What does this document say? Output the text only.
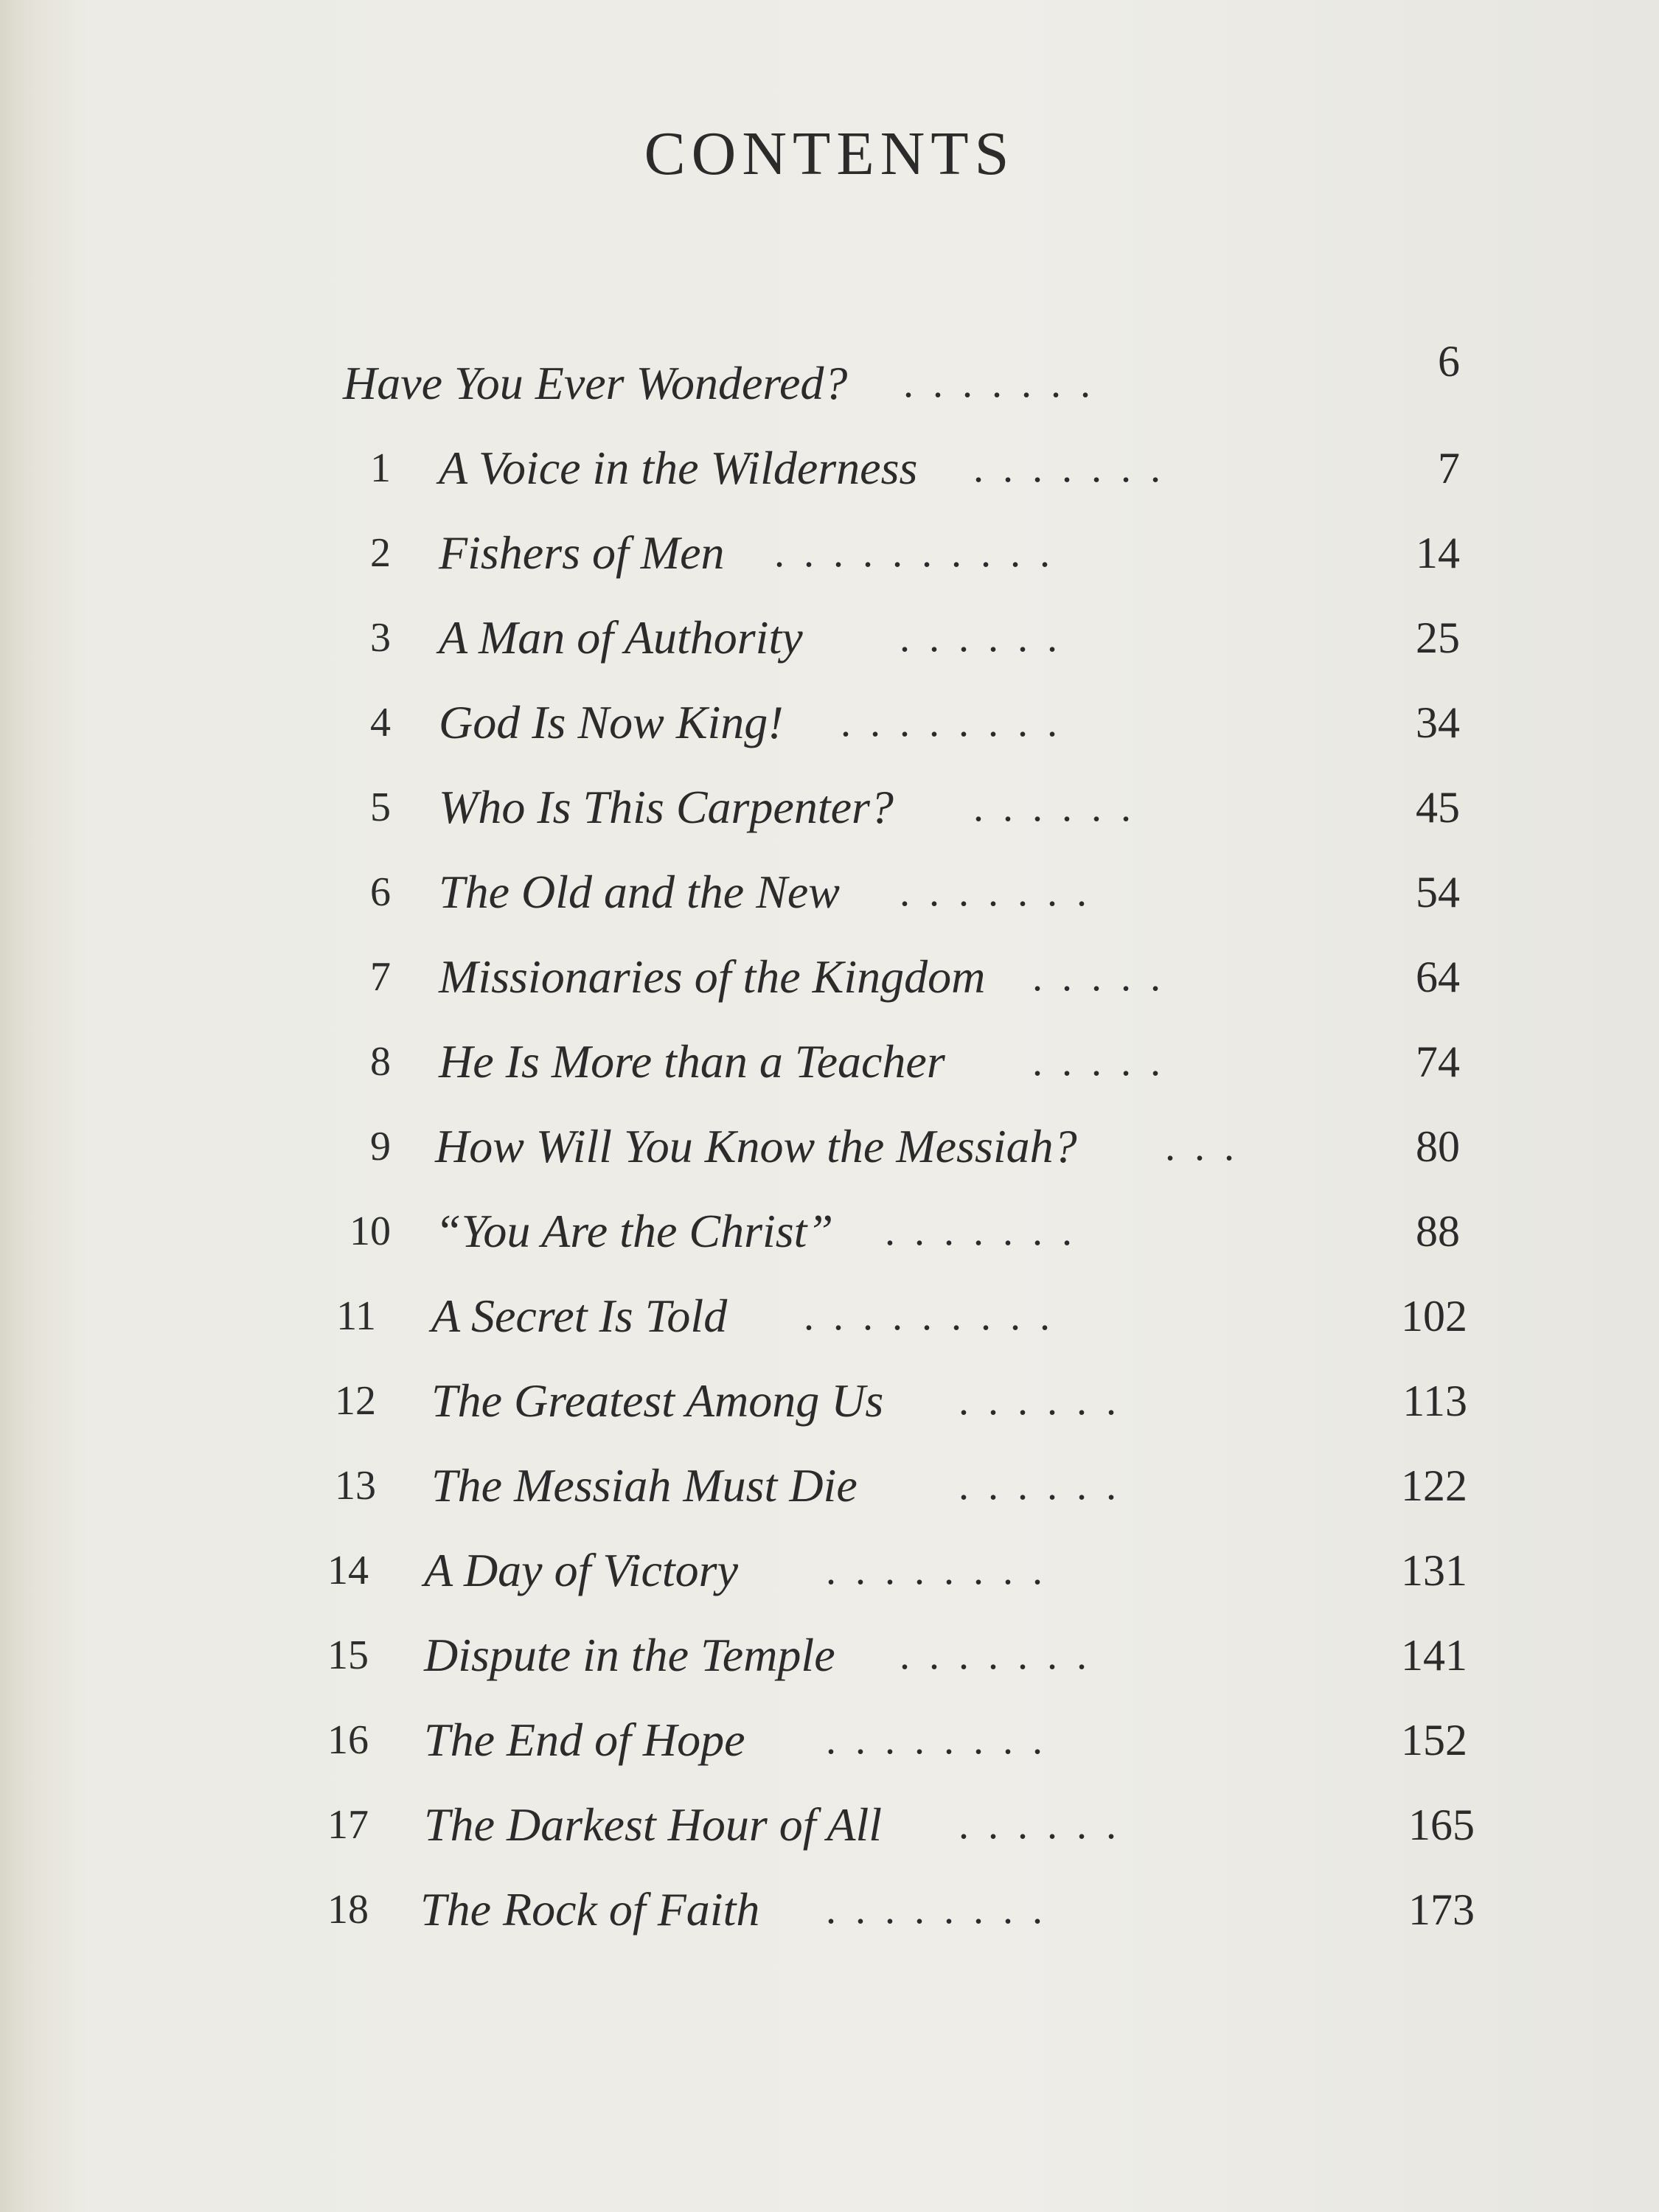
CONTENTS
Have You Ever Wondered? .......	6
1 A Voice in the Wilderness .......	7
2 Fishers of Men ..........	14
3 A Man of Authority ......	25
4 God Is Now King! ........	34
5 Who Is This Carpenter? ......	45
6 The Old and the New .......	54
7 Missionaries of the Kingdom .....	64
8 He Is More than a Teacher .....	74
9 How Will You Know the Messiah? ...	80
10 “You Are the Christ” .......	88
11 A Secret Is Told .........	102
12 The Greatest Among Us ......	113
13 The Messiah Must Die ......	122
14 A Day of Victory ........	131
15 Dispute in the Temple .......	141
16 The End of Hope ........	152
17 The Darkest Hour of All ......	165
18 The Rock of Faith ........	173
